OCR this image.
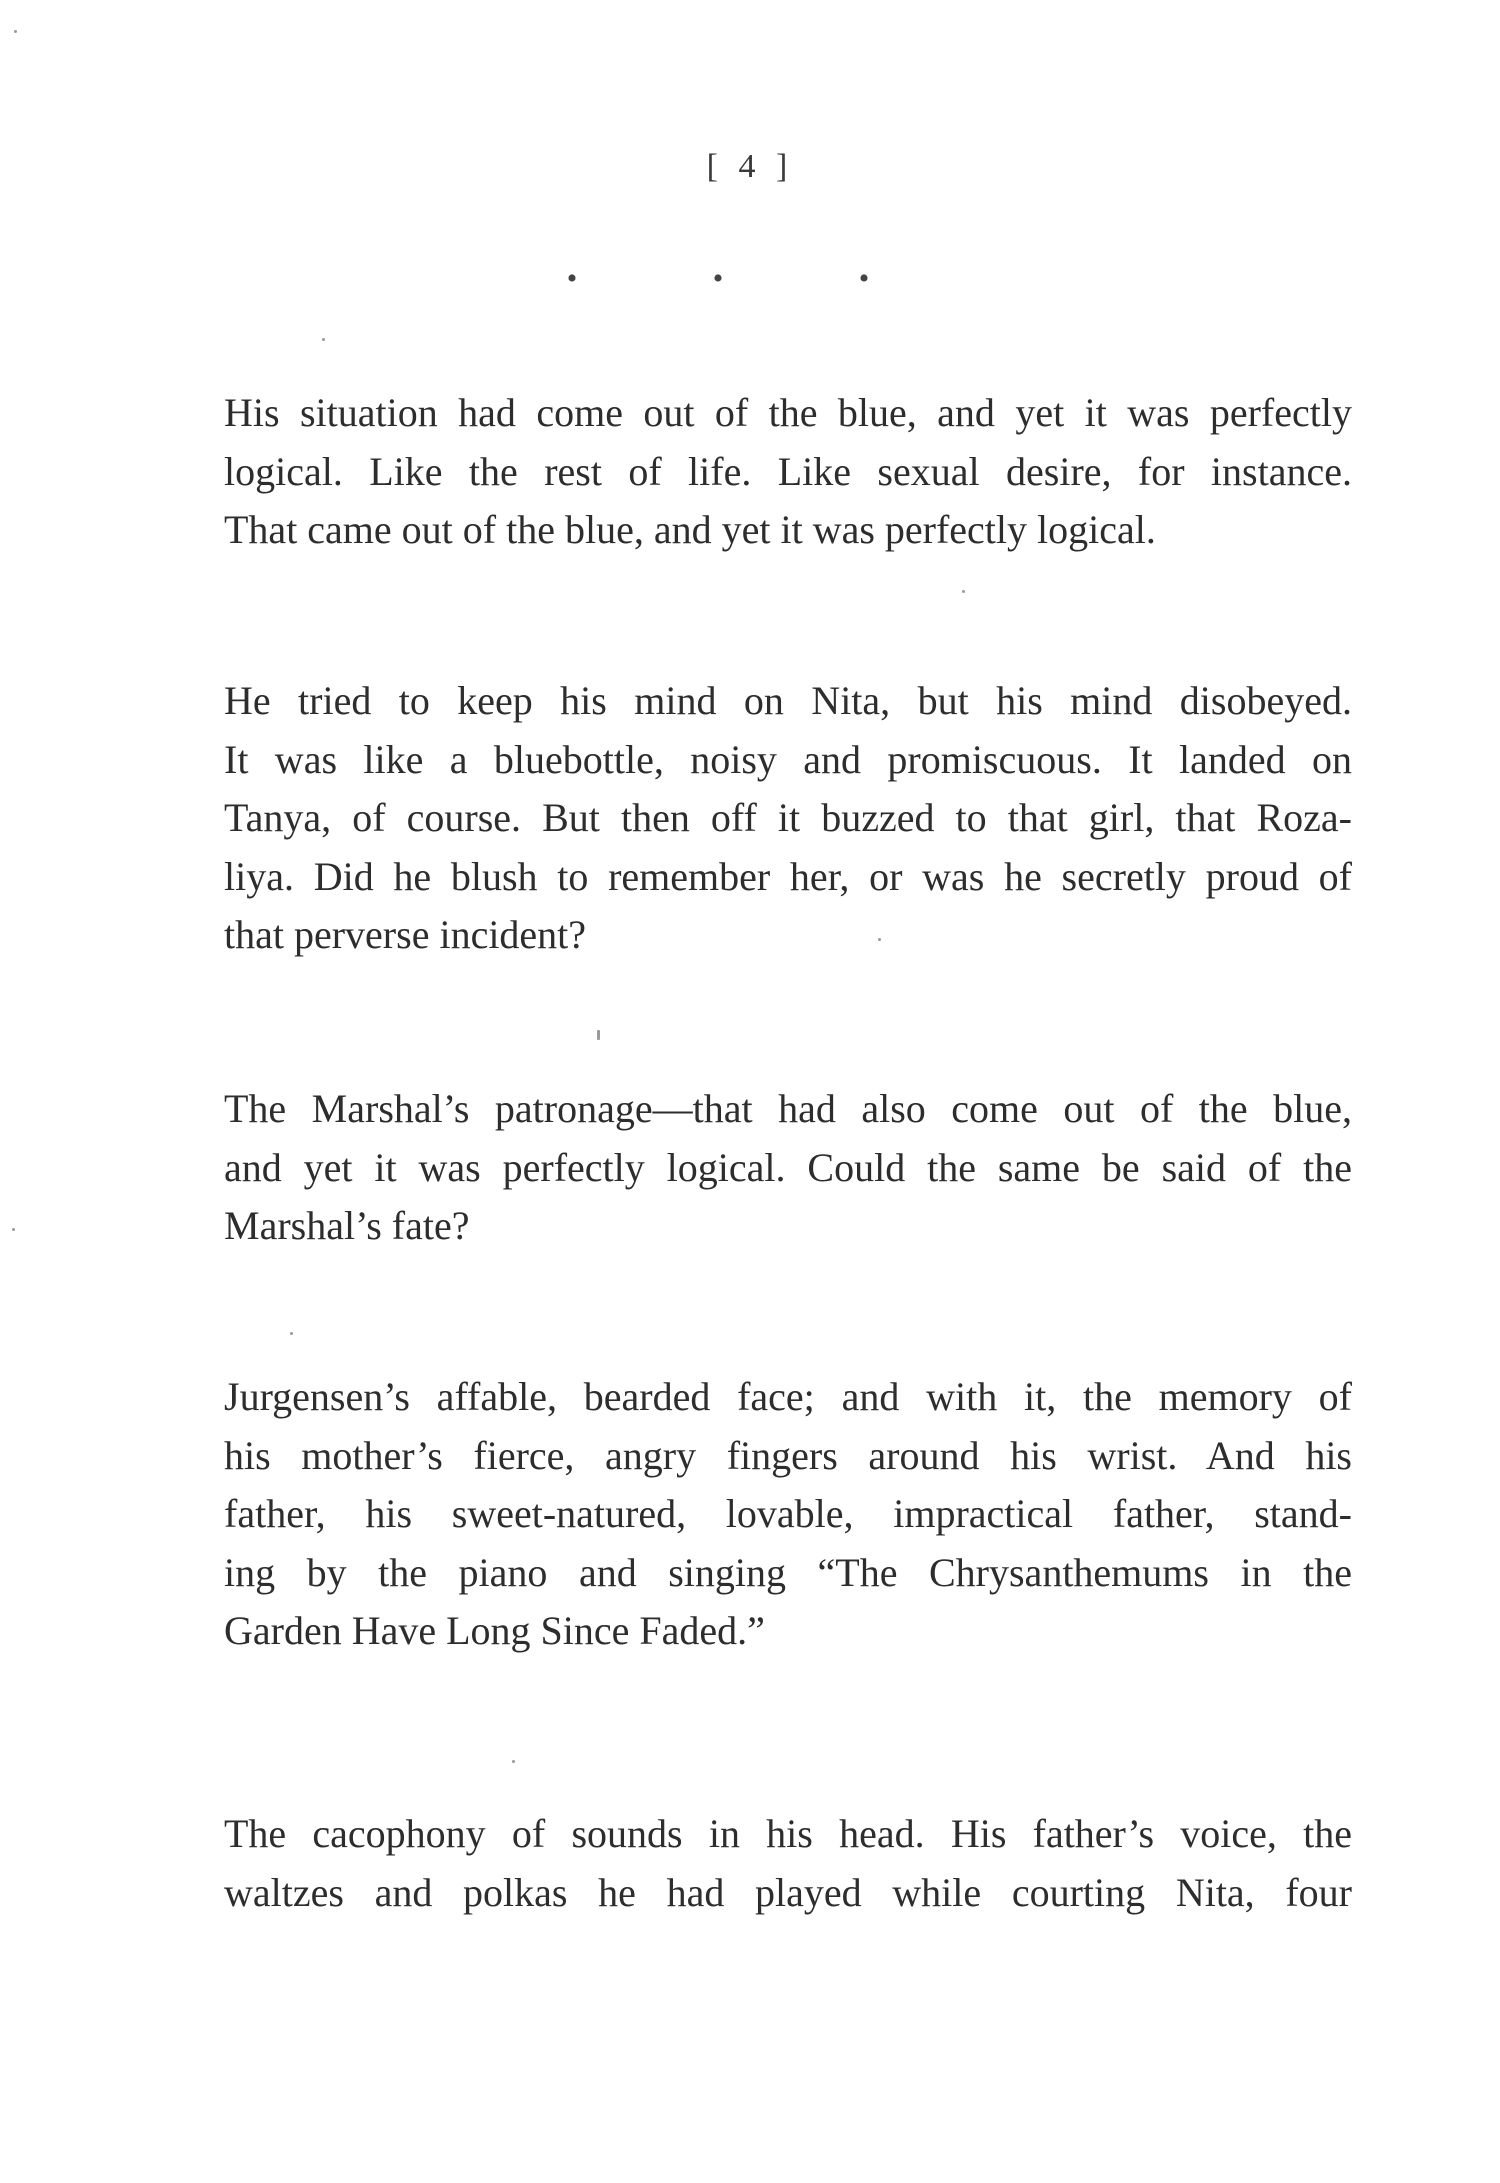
[ 4 ]
• • •

His situation had come out of the blue, and yet it was perfectly
logical. Like the rest of life. Like sexual desire, for instance.
That came out of the blue, and yet it was perfectly logical.

He tried to keep his mind on Nita, but his mind disobeyed.
It was like a bluebottle, noisy and promiscuous. It landed on
Tanya, of course. But then off it buzzed to that girl, that Roza-
liya. Did he blush to remember her, or was he secretly proud of
that perverse incident?

The Marshal’s patronage—that had also come out of the blue,
and yet it was perfectly logical. Could the same be said of the
Marshal’s fate?

Jurgensen’s affable, bearded face; and with it, the memory of
his mother’s fierce, angry fingers around his wrist. And his
father, his sweet-natured, lovable, impractical father, stand-
ing by the piano and singing “The Chrysanthemums in the
Garden Have Long Since Faded.”

The cacophony of sounds in his head. His father’s voice, the
waltzes and polkas he had played while courting Nita, four
